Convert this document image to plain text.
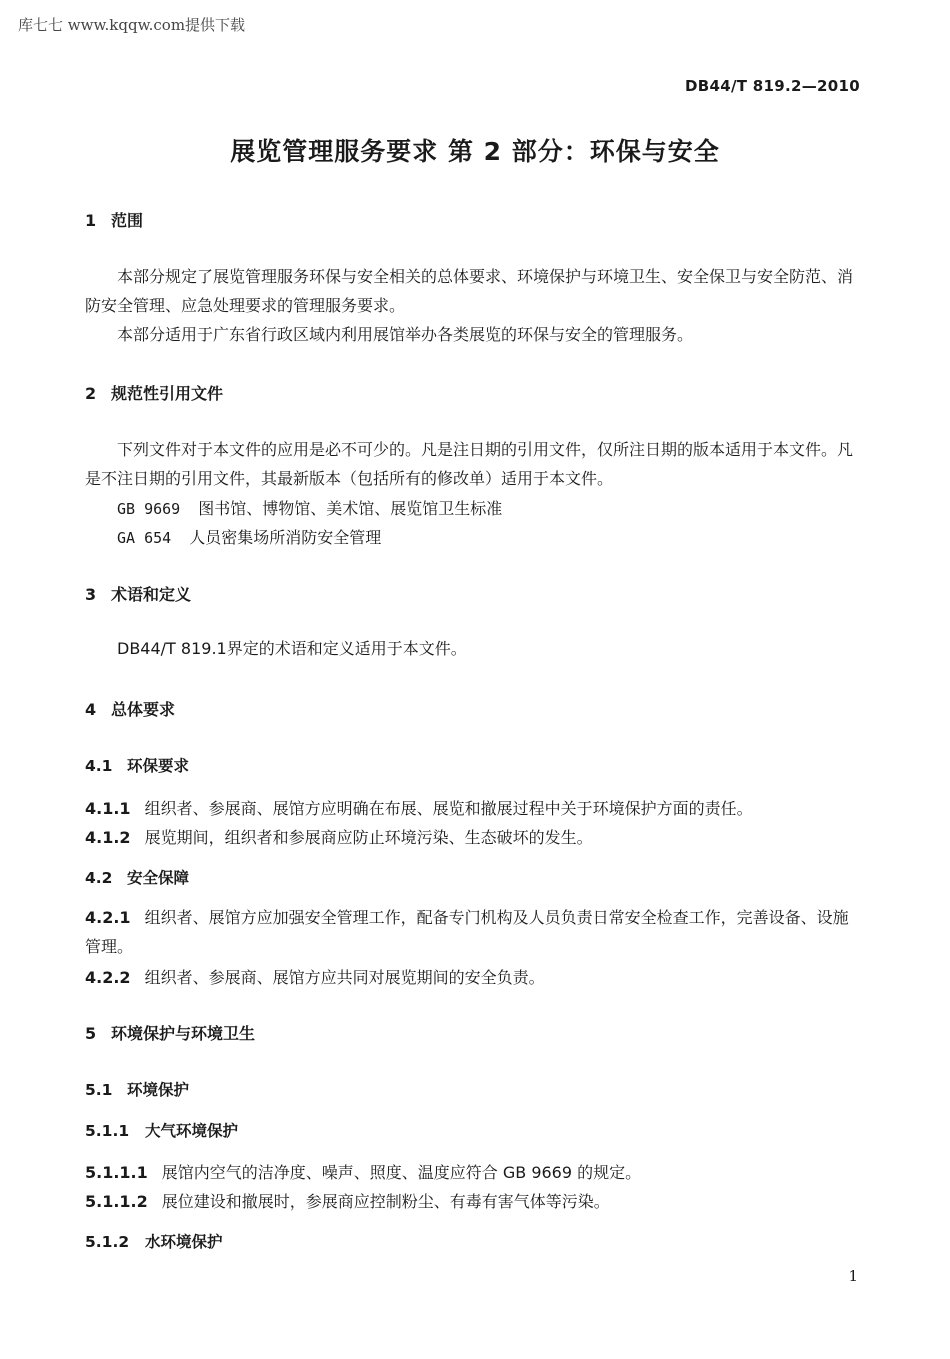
库七七 www.kqqw.com提供下载
DB44/T 819.2—2010
展览管理服务要求 第 2 部分：环保与安全
1 范围
本部分规定了展览管理服务环保与安全相关的总体要求、环境保护与环境卫生、安全保卫与安全防范、消防安全管理、应急处理要求的管理服务要求。
本部分适用于广东省行政区域内利用展馆举办各类展览的环保与安全的管理服务。
2 规范性引用文件
下列文件对于本文件的应用是必不可少的。凡是注日期的引用文件，仅所注日期的版本适用于本文件。凡是不注日期的引用文件，其最新版本（包括所有的修改单）适用于本文件。
GB 9669 图书馆、博物馆、美术馆、展览馆卫生标准
GA 654 人员密集场所消防安全管理
3 术语和定义
DB44/T 819.1界定的术语和定义适用于本文件。
4 总体要求
4.1 环保要求
4.1.1 组织者、参展商、展馆方应明确在布展、展览和撤展过程中关于环境保护方面的责任。
4.1.2 展览期间，组织者和参展商应防止环境污染、生态破坏的发生。
4.2 安全保障
4.2.1 组织者、展馆方应加强安全管理工作，配备专门机构及人员负责日常安全检查工作，完善设备、设施管理。
4.2.2 组织者、参展商、展馆方应共同对展览期间的安全负责。
5 环境保护与环境卫生
5.1 环境保护
5.1.1 大气环境保护
5.1.1.1 展馆内空气的洁净度、噪声、照度、温度应符合 GB 9669 的规定。
5.1.1.2 展位建设和撤展时，参展商应控制粉尘、有毒有害气体等污染。
5.1.2 水环境保护
1
